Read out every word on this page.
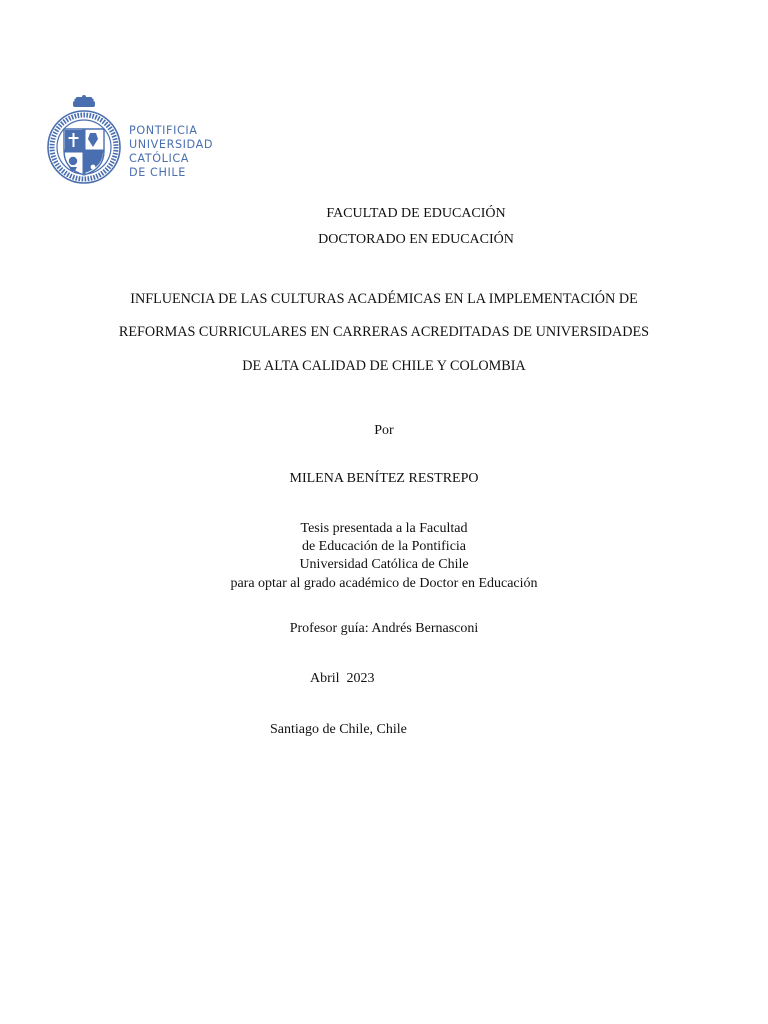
PONTIFICIA
UNIVERSIDAD
CATÓLICA
DE CHILE
FACULTAD DE EDUCACIÓN
DOCTORADO EN EDUCACIÓN
INFLUENCIA DE LAS CULTURAS ACADÉMICAS EN LA IMPLEMENTACIÓN DE
REFORMAS CURRICULARES EN CARRERAS ACREDITADAS DE UNIVERSIDADES
DE ALTA CALIDAD DE CHILE Y COLOMBIA
Por
MILENA BENÍTEZ RESTREPO
Tesis presentada a la Facultad
de Educación de la Pontificia
Universidad Católica de Chile
para optar al grado académico de Doctor en Educación
Profesor guía: Andrés Bernasconi
Abril  2023
Santiago de Chile, Chile
